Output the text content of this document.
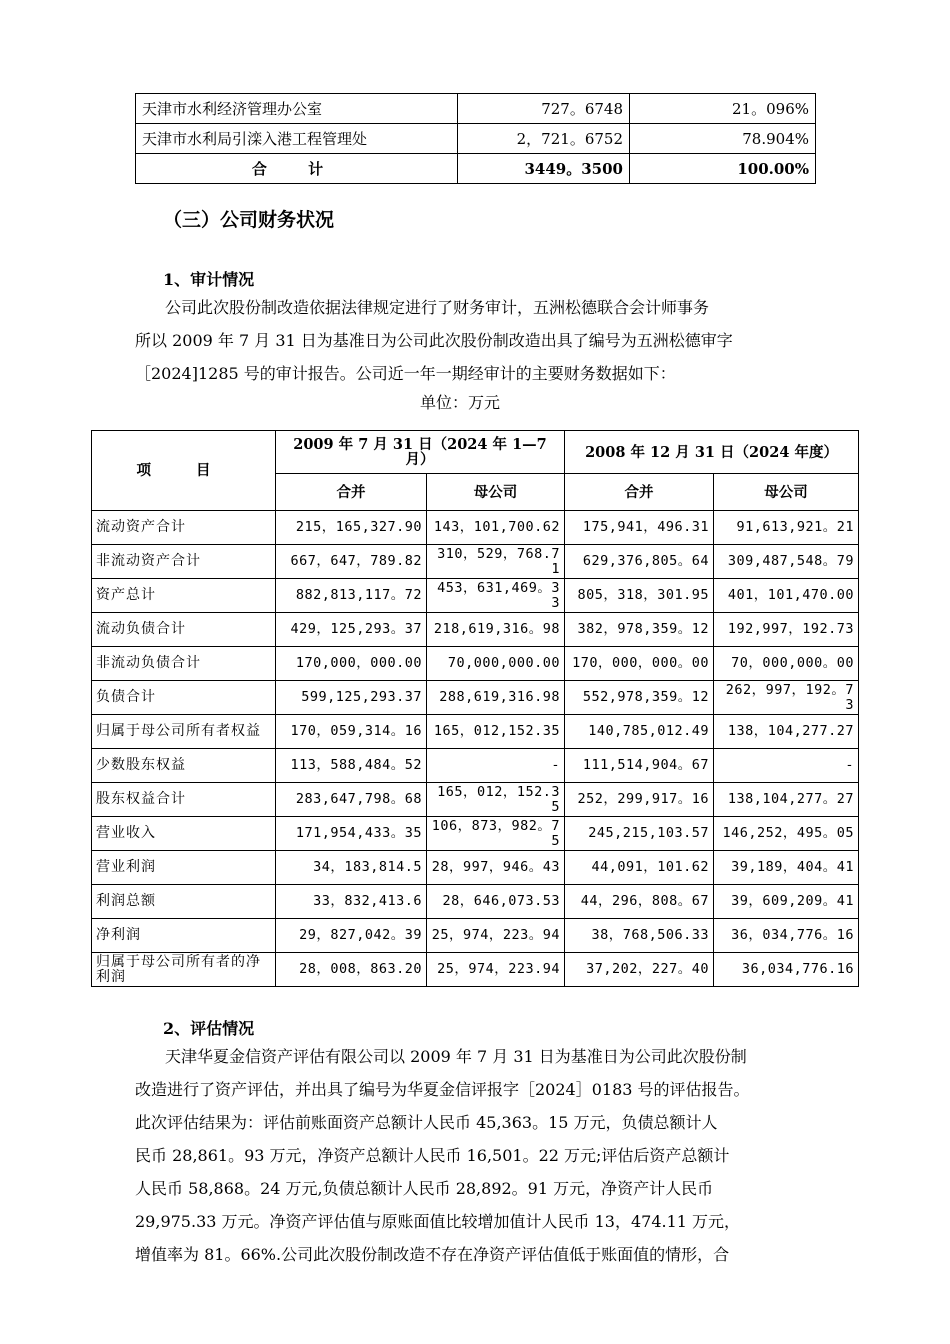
天津市水利经济管理办公室	727。6748	21。096%
天津市水利局引滦入港工程管理处	2，721。6752	78.904%
合 计	3449。3500	100.00%
（三）公司财务状况
1、审计情况
公司此次股份制改造依据法律规定进行了财务审计，五洲松德联合会计师事务
所以 2009 年 7 月 31 日为基准日为公司此次股份制改造出具了编号为五洲松德审字
［2024]1285 号的审计报告。公司近一年一期经审计的主要财务数据如下：
单位：万元
项 目	2009 年 7 月 31 日（2024 年 1—7 月）		2008 年 12 月 31 日（2024 年度）	
	合并	母公司	合并	母公司
流动资产合计	215，165,327.90	143，101,700.62	175,941，496.31	91,613,921。21
非流动资产合计	667，647，789.82	310，529，768.71	629,376,805。64	309,487,548。79
资产总计	882,813,117。72	453，631,469。33	805，318，301.95	401，101,470.00
流动负债合计	429，125,293。37	218,619,316。98	382，978,359。12	192,997，192.73
非流动负债合计	170,000，000.00	70,000,000.00	170，000，000。00	70，000,000。00
负债合计	599,125,293.37	288,619,316.98	552,978,359。12	262，997，192。73
归属于母公司所有者权益	170，059,314。16	165，012,152.35	140,785,012.49	138，104,277.27
少数股东权益	113，588,484。52	-	111,514,904。67	-
股东权益合计	283,647,798。68	165，012，152.35	252，299,917。16	138,104,277。27
营业收入	171,954,433。35	106，873，982。75	245,215,103.57	146,252，495。05
营业利润	34，183,814.5	28，997，946。43	44,091，101.62	39,189，404。41
利润总额	33，832,413.6	28，646,073.53	44，296，808。67	39，609,209。41
净利润	29，827,042。39	25，974，223。94	38，768,506.33	36，034,776。16
归属于母公司所有者的净利润	28，008，863.20	25，974，223.94	37,202，227。40	36,034,776.16
2、评估情况
天津华夏金信资产评估有限公司以 2009 年 7 月 31 日为基准日为公司此次股份制
改造进行了资产评估，并出具了编号为华夏金信评报字［2024］0183 号的评估报告。
此次评估结果为：评估前账面资产总额计人民币 45,363。15 万元，负债总额计人
民币 28,861。93 万元，净资产总额计人民币 16,501。22 万元;评估后资产总额计
人民币 58,868。24 万元,负债总额计人民币 28,892。91 万元，净资产计人民币
29,975.33 万元。净资产评估值与原账面值比较增加值计人民币 13，474.11 万元，
增值率为 81。66%.公司此次股份制改造不存在净资产评估值低于账面值的情形，合
